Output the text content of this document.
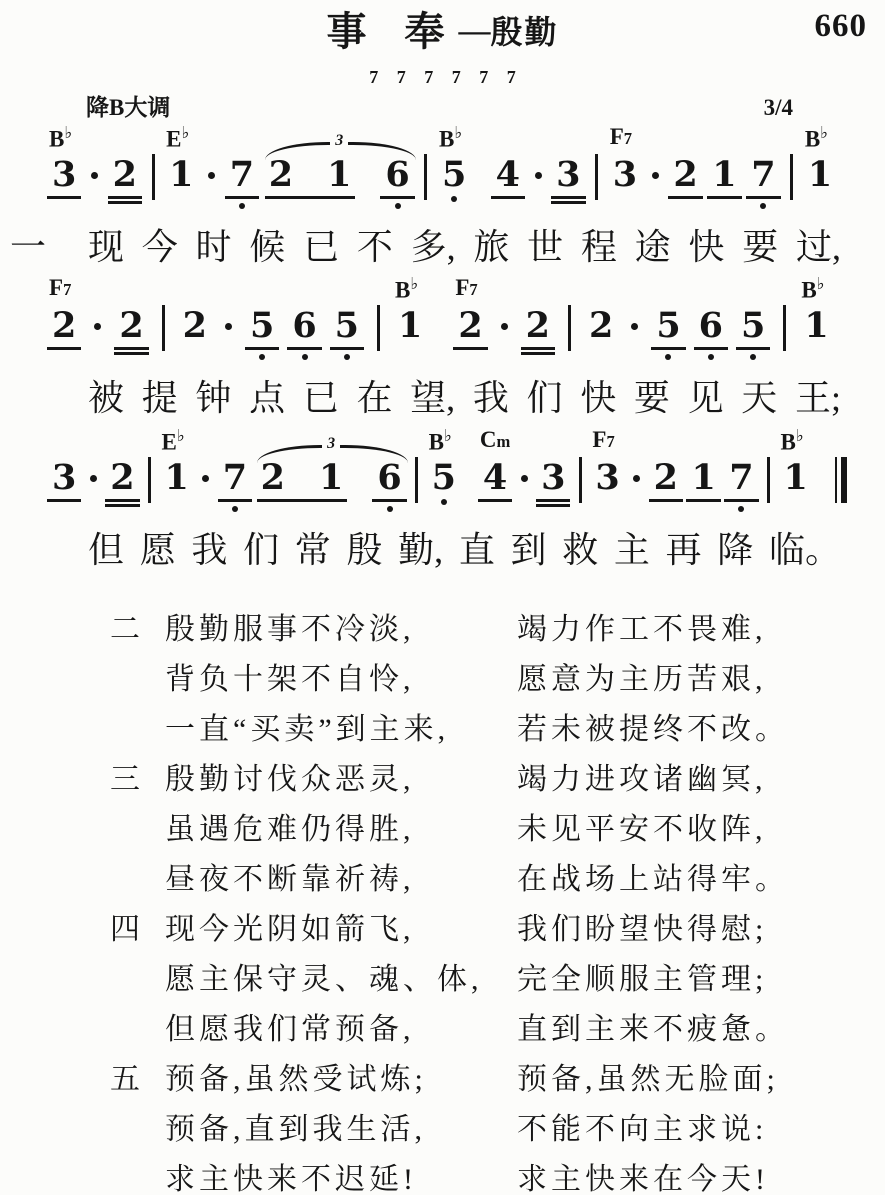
660
事 奉—殷勤
7 7 7 7 7 7
降B大调	3/4
B♭
3 2
E♭
1 7
3
2 1 6
B♭
5 4 3
F7
3 2 1 7
B♭
1
一 现 今 时 候 已 不 多, 旅 世 程 途 快 要 过,
F7
2 2 2 5 6 5
B♭
1
F7
2 2 2 5 6 5
B♭
1
被 提 钟 点 已 在 望, 我 们 快 要 见 天 王;
3 2
E♭
1 7
3
2 1 6
B♭
5
Cm
4 3
F7
3 2 1 7
B♭
1
但 愿 我 们 常 殷 勤, 直 到 救 主 再 降 临。
二 殷勤服事不冷淡,	竭力作工不畏难,
背负十架不自怜,	愿意为主历苦艰,
一直“买卖”到主来,	若未被提终不改。
三 殷勤讨伐众恶灵,	竭力进攻诸幽冥,
虽遇危难仍得胜,	未见平安不收阵,
昼夜不断靠祈祷,	在战场上站得牢。
四 现今光阴如箭飞,	我们盼望快得慰;
愿主保守灵、魂、体,	完全顺服主管理;
但愿我们常预备,	直到主来不疲惫。
五 预备,虽然受试炼;	预备,虽然无脸面;
预备,直到我生活,	不能不向主求说:
求主快来不迟延!	求主快来在今天!
